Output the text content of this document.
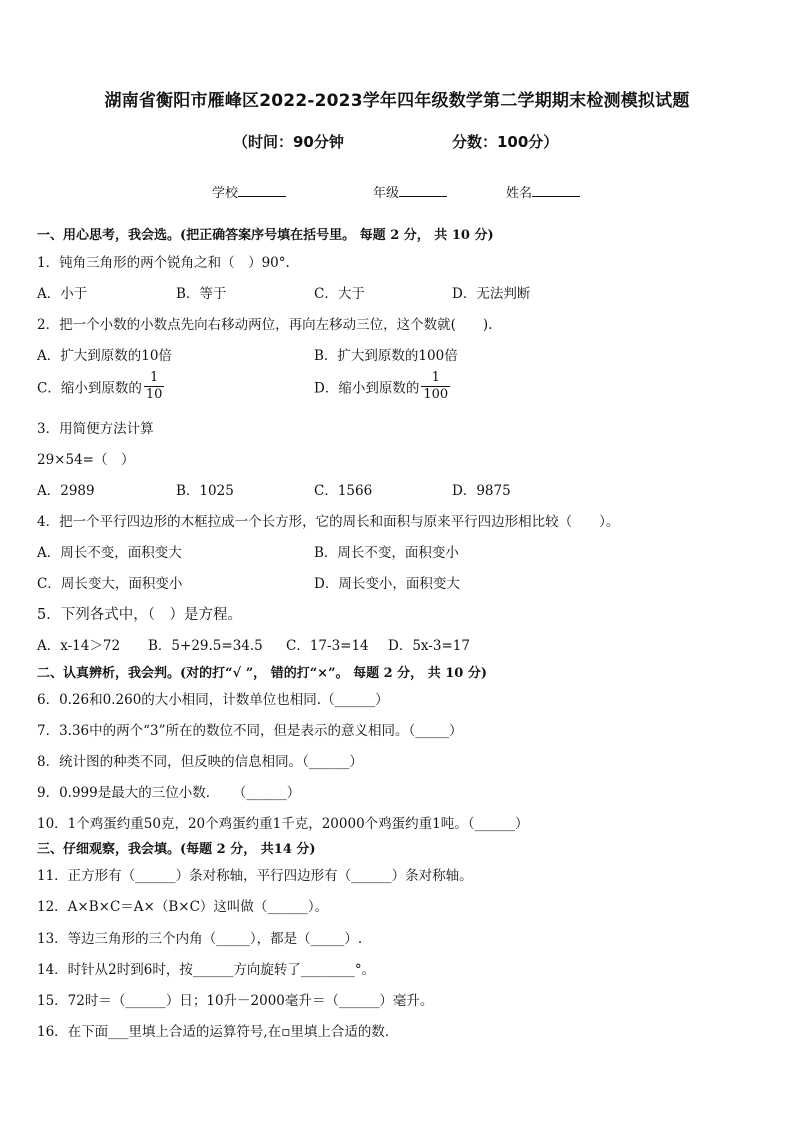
湖南省衡阳市雁峰区2022-2023学年四年级数学第二学期期末检测模拟试题
（时间：90分钟	分数：100分）
学校	年级	姓名
一、用心思考，我会选。(把正确答案序号填在括号里。 每题 2 分， 共 10 分)
1．钝角三角形的两个锐角之和（　）90°.
A．小于	B．等于	C．大于	D．无法判断
2．把一个小数的小数点先向右移动两位，再向左移动三位，这个数就(　　).
A．扩大到原数的10倍	B．扩大到原数的100倍
C．缩小到原数的 $\frac{1}{10}$	D．缩小到原数的 $\frac{1}{100}$
3．用简便方法计算
29×54=（　）
A．2989	B．1025	C．1566	D．9875
4．把一个平行四边形的木框拉成一个长方形，它的周长和面积与原来平行四边形相比较（　　）。
A．周长不变，面积变大	B．周长不变，面积变小
C．周长变大，面积变小	D．周长变小，面积变大
5．下列各式中，（　）是方程。
A．x-14＞72 B．5+29.5=34.5 C．17-3=14 D．5x-3=17
二、认真辨析，我会判。(对的打“√ ”， 错的打“×”。 每题 2 分， 共 10 分)
6．0.26和0.260的大小相同，计数单位也相同.（______）
7．3.36中的两个“3”所在的数位不同，但是表示的意义相同。（_____）
8．统计图的种类不同，但反映的信息相同。（______）
9．0.999是最大的三位小数．　　（______）
10．1个鸡蛋约重50克，20个鸡蛋约重1千克，20000个鸡蛋约重1吨。（______）
三、仔细观察，我会填。(每题 2 分， 共14 分)
11．正方形有（______）条对称轴，平行四边形有（______）条对称轴。
12．A×B×C＝A×（B×C）这叫做（______）。
13．等边三角形的三个内角（_____），都是（_____）.
14．时针从2时到6时，按______方向旋转了________°。
15．72时＝（______）日；10升－2000毫升＝（______）毫升。
16．在下面___里填上合适的运算符号,在▫里填上合适的数．
